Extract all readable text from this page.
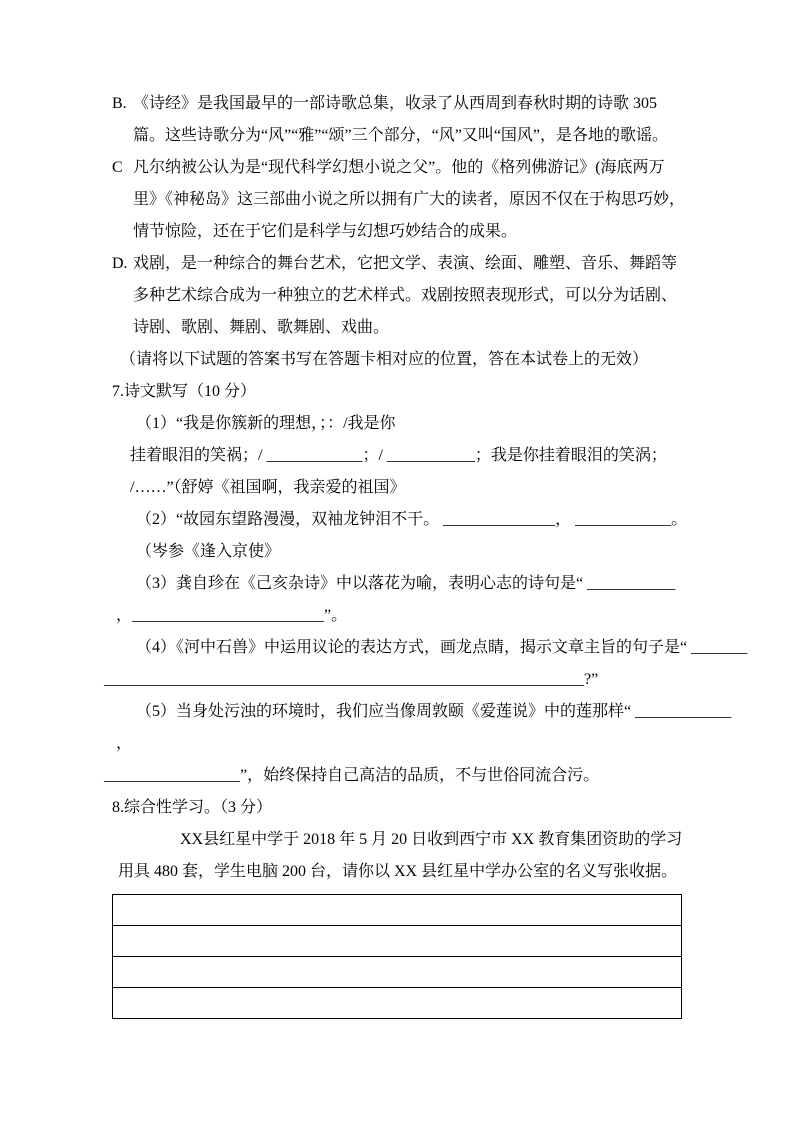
B. 《诗经》是我国最早的一部诗歌总集，收录了从西周到春秋时期的诗歌 305 篇。这些诗歌分为“风”“雅”“颂”三个部分，“风”又叫“国风”，是各地的歌谣。
C 凡尔纳被公认为是“现代科学幻想小说之父”。他的《格列佛游记》(海底两万里》《神秘岛》这三部曲小说之所以拥有广大的读者，原因不仅在于构思巧妙，情节惊险，还在于它们是科学与幻想巧妙结合的成果。
D. 戏剧，是一种综合的舞台艺术，它把文学、表演、绘面、雕塑、音乐、舞蹈等多种艺术综合成为一种独立的艺术样式。戏剧按照表现形式，可以分为话剧、诗剧、歌剧、舞剧、歌舞剧、戏曲。
（请将以下试题的答案书写在答题卡相对应的位置，答在本试卷上的无效）
7.诗文默写（10 分）
（1）“我是你簇新的理想，；：/我是你
挂着眼泪的笑祸；/ ____________；/ ___________；我是你挂着眼泪的笑涡；
/……”（舒婷《祖国啊，我亲爱的祖国》
（2）“故园东望路漫漫，双袖龙钟泪不干。 ______________， ____________。
（岑参《逢入京使》
（3）龚自珍在《己亥杂诗》中以落花为喻，表明心志的诗句是“ ___________
，________________________”。
（4）《河中石兽》中运用议论的表达方式，画龙点睛，揭示文章主旨的句子是“ _______
____________________________________________________________?”
（5）当身处污浊的环境时，我们应当像周敦颐《爱莲说》中的莲那样“ ____________
，
_________________”，始终保持自己高洁的品质，不与世俗同流合污。
8.综合性学习。（3 分）
XX县红星中学于 2018 年 5 月 20 日收到西宁市 XX 教育集团资助的学习用具 480 套，学生电脑 200 台，请你以 XX 县红星中学办公室的名义写张收据。
